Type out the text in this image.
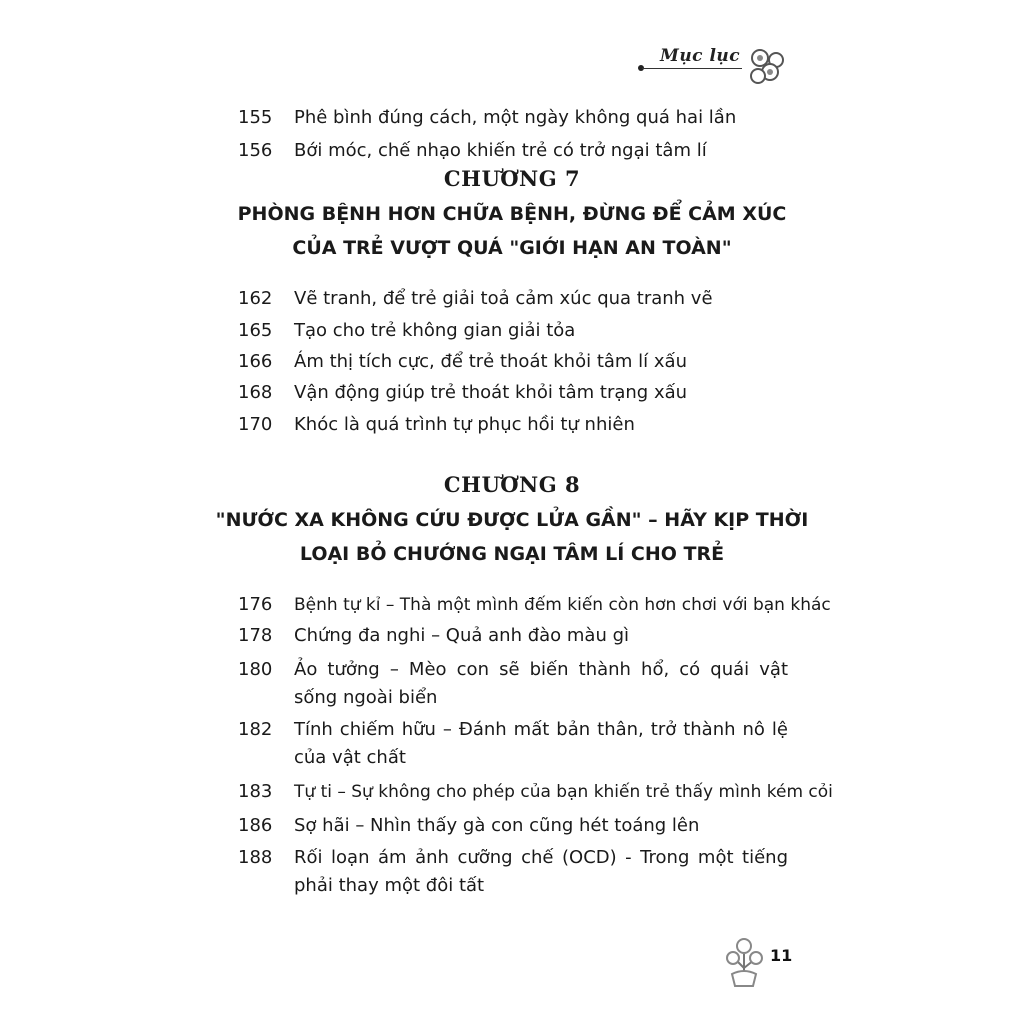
Mục lục
155	Phê bình đúng cách, một ngày không quá hai lần
156	Bới móc, chế nhạo khiến trẻ có trở ngại tâm lí
CHƯƠNG 7
PHÒNG BỆNH HƠN CHỮA BỆNH, ĐỪNG ĐỂ CẢM XÚC
CỦA TRẺ VƯỢT QUÁ "GIỚI HẠN AN TOÀN"
162	Vẽ tranh, để trẻ giải toả cảm xúc qua tranh vẽ
165	Tạo cho trẻ không gian giải tỏa
166	Ám thị tích cực, để trẻ thoát khỏi tâm lí xấu
168	Vận động giúp trẻ thoát khỏi tâm trạng xấu
170	Khóc là quá trình tự phục hồi tự nhiên
CHƯƠNG 8
"NƯỚC XA KHÔNG CỨU ĐƯỢC LỬA GẦN" – HÃY KỊP THỜI
LOẠI BỎ CHƯỚNG NGẠI TÂM LÍ CHO TRẺ
176	Bệnh tự kỉ – Thà một mình đếm kiến còn hơn chơi với bạn khác
178	Chứng đa nghi – Quả anh đào màu gì
180	Ảo tưởng – Mèo con sẽ biến thành hổ, có quái vật sống ngoài biển
182	Tính chiếm hữu – Đánh mất bản thân, trở thành nô lệ của vật chất
183	Tự ti – Sự không cho phép của bạn khiến trẻ thấy mình kém cỏi
186	Sợ hãi – Nhìn thấy gà con cũng hét toáng lên
188	Rối loạn ám ảnh cưỡng chế (OCD) - Trong một tiếng phải thay một đôi tất
11
